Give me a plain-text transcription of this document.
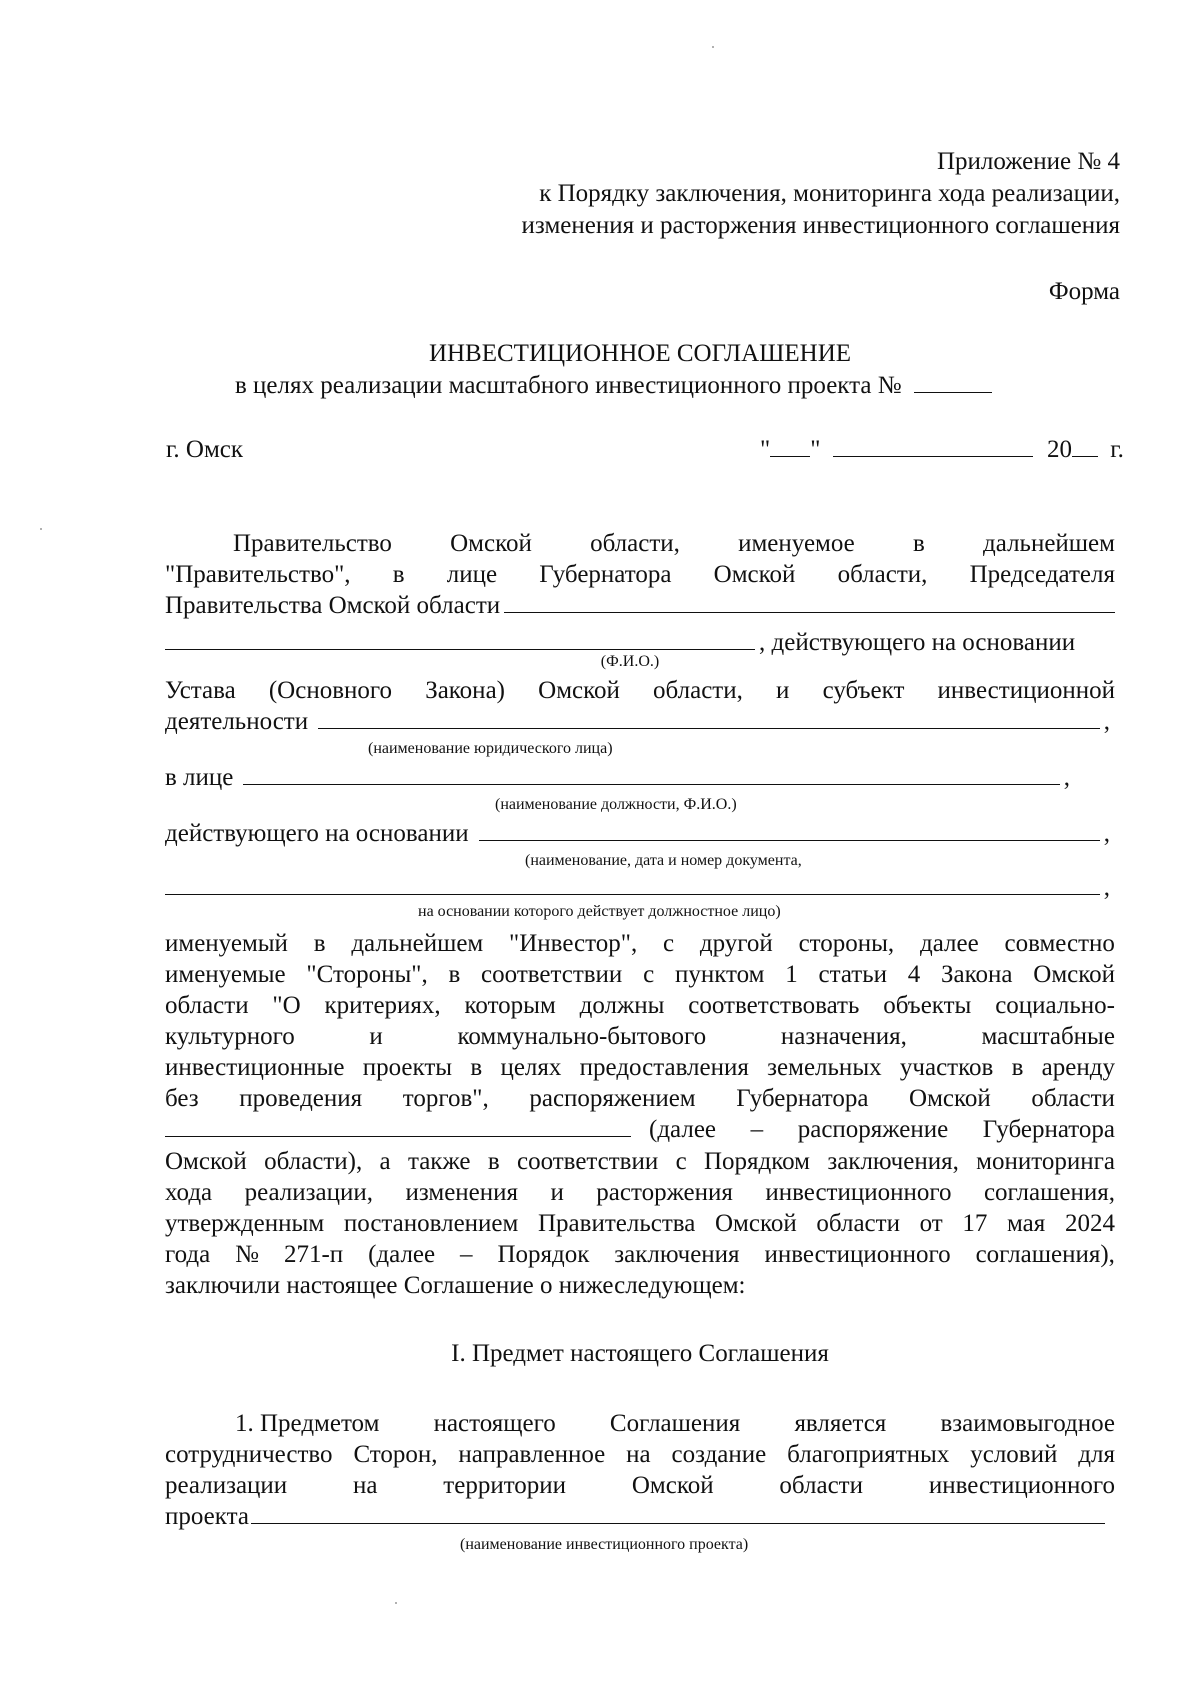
Приложение № 4
к Порядку заключения, мониторинга хода реализации,
изменения и расторжения инвестиционного соглашения
Форма
ИНВЕСТИЦИОННОЕ СОГЛАШЕНИЕ
в целях реализации масштабного инвестиционного проекта №
г. Омск	" "	20 г.
Правительство Омской области, именуемое в дальнейшем
"Правительство", в лице Губернатора Омской области, Председателя
Правительства Омской области
, действующего на основании
(Ф.И.О.)
Устава (Основного Закона) Омской области, и субъект инвестиционной
деятельности	,
(наименование юридического лица)
в лице	,
(наименование должности, Ф.И.О.)
действующего на основании	,
(наименование, дата и номер документа,
,
на основании которого действует должностное лицо)
именуемый в дальнейшем "Инвестор", с другой стороны, далее совместно
именуемые "Стороны", в соответствии с пунктом 1 статьи 4 Закона Омской
области "О критериях, которым должны соответствовать объекты социально-
культурного	и	коммунально-бытового	назначения,	масштабные
инвестиционные проекты в целях предоставления земельных участков в аренду
без проведения торгов", распоряжением Губернатора Омской области
(далее – распоряжение Губернатора
Омской области), а также в соответствии с Порядком заключения, мониторинга
хода реализации, изменения и расторжения инвестиционного соглашения,
утвержденным постановлением Правительства Омской области от 17 мая 2024
года № 271-п (далее – Порядок заключения инвестиционного соглашения),
заключили настоящее Соглашение о нижеследующем:
I. Предмет настоящего Соглашения
1. Предметом настоящего Соглашения является взаимовыгодное
сотрудничество Сторон, направленное на создание благоприятных условий для
реализации	на	территории	Омской	области	инвестиционного
проекта
(наименование инвестиционного проекта)
